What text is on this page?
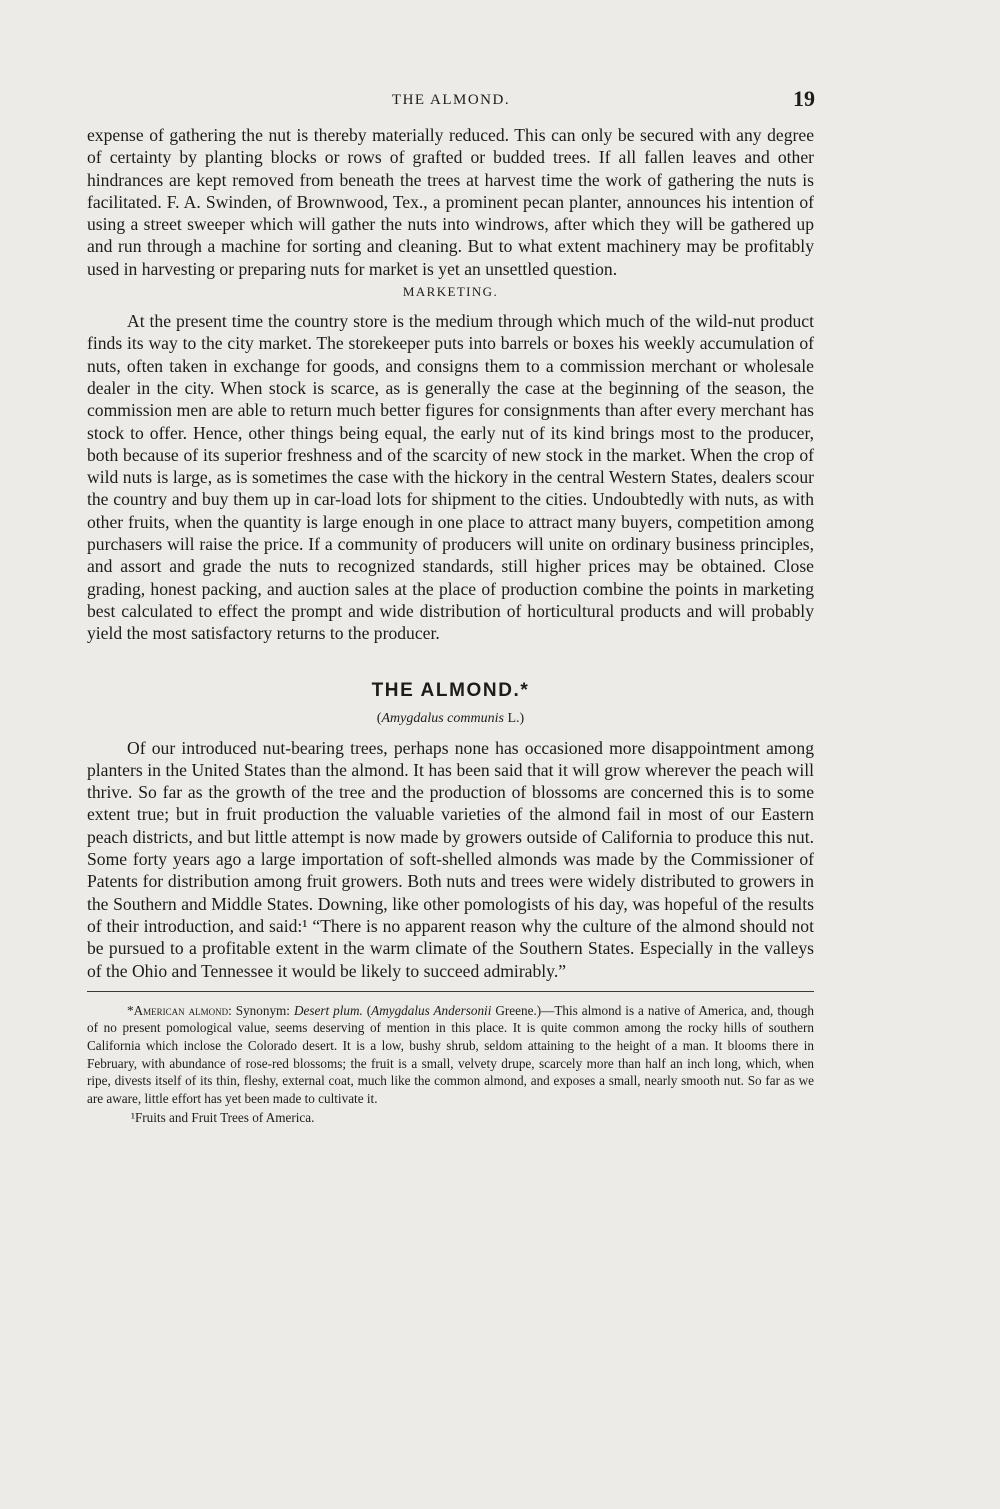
THE ALMOND.	19

expense of gathering the nut is thereby materially reduced. This can only be secured with any degree of certainty by planting blocks or rows of grafted or budded trees. If all fallen leaves and other hindrances are kept removed from beneath the trees at harvest time the work of gathering the nuts is facilitated. F. A. Swinden, of Brownwood, Tex., a prominent pecan planter, announces his intention of using a street sweeper which will gather the nuts into windrows, after which they will be gathered up and run through a machine for sorting and cleaning. But to what extent machinery may be profitably used in harvesting or preparing nuts for market is yet an unsettled question.

MARKETING.

At the present time the country store is the medium through which much of the wild-nut product finds its way to the city market. The storekeeper puts into barrels or boxes his weekly accumulation of nuts, often taken in exchange for goods, and consigns them to a commission merchant or wholesale dealer in the city. When stock is scarce, as is generally the case at the beginning of the season, the commission men are able to return much better figures for consignments than after every merchant has stock to offer. Hence, other things being equal, the early nut of its kind brings most to the producer, both because of its superior freshness and of the scarcity of new stock in the market. When the crop of wild nuts is large, as is sometimes the case with the hickory in the central Western States, dealers scour the country and buy them up in car-load lots for shipment to the cities. Undoubtedly with nuts, as with other fruits, when the quantity is large enough in one place to attract many buyers, competition among purchasers will raise the price. If a community of producers will unite on ordinary business principles, and assort and grade the nuts to recognized standards, still higher prices may be obtained. Close grading, honest packing, and auction sales at the place of production combine the points in marketing best calculated to effect the prompt and wide distribution of horticultural products and will probably yield the most satisfactory returns to the producer.

THE ALMOND.*
(Amygdalus communis L.)

Of our introduced nut-bearing trees, perhaps none has occasioned more disappointment among planters in the United States than the almond. It has been said that it will grow wherever the peach will thrive. So far as the growth of the tree and the production of blossoms are concerned this is to some extent true; but in fruit production the valuable varieties of the almond fail in most of our Eastern peach districts, and but little attempt is now made by growers outside of California to produce this nut. Some forty years ago a large importation of soft-shelled almonds was made by the Commissioner of Patents for distribution among fruit growers. Both nuts and trees were widely distributed to growers in the Southern and Middle States. Downing, like other pomologists of his day, was hopeful of the results of their introduction, and said:¹ “There is no apparent reason why the culture of the almond should not be pursued to a profitable extent in the warm climate of the Southern States. Especially in the valleys of the Ohio and Tennessee it would be likely to succeed admirably.”

*American almond: Synonym: Desert plum. (Amygdalus Andersonii Greene.)—This almond is a native of America, and, though of no present pomological value, seems deserving of mention in this place. It is quite common among the rocky hills of southern California which inclose the Colorado desert. It is a low, bushy shrub, seldom attaining to the height of a man. It blooms there in February, with abundance of rose-red blossoms; the fruit is a small, velvety drupe, scarcely more than half an inch long, which, when ripe, divests itself of its thin, fleshy, external coat, much like the common almond, and exposes a small, nearly smooth nut. So far as we are aware, little effort has yet been made to cultivate it.

¹Fruits and Fruit Trees of America.
